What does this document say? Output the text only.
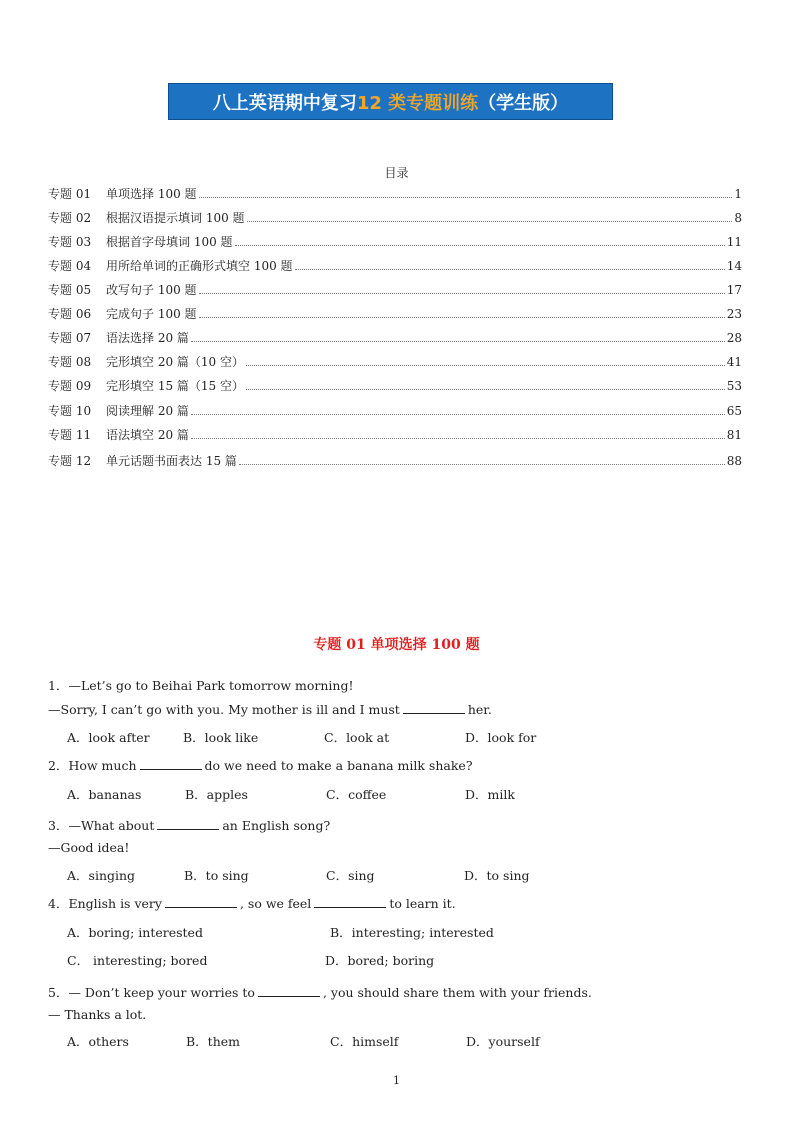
八上英语期中复习 12 类专题训练 （学生版）
目录
专题 01	单项选择 100 题	1
专题 02	根据汉语提示填词 100 题	8
专题 03	根据首字母填词 100 题	11
专题 04	用所给单词的正确形式填空 100 题	14
专题 05	改写句子 100 题	17
专题 06	完成句子 100 题	23
专题 07	语法选择 20 篇	28
专题 08	完形填空 20 篇（10 空）	41
专题 09	完形填空 15 篇（15 空）	53
专题 10	阅读理解 20 篇	65
专题 11	语法填空 20 篇	81
专题 12	单元话题书面表达 15 篇	88
专题 01 单项选择 100 题
1．—Let’s go to Beihai Park tomorrow morning!
—Sorry, I can’t go with you. My mother is ill and I must	her.
A．look after	B．look like	C．look at	D．look for
2．How much	do we need to make a banana milk shake?
A．bananas	B．apples	C．coffee	D．milk
3．—What about	an English song?
—Good idea!
A．singing	B．to sing	C．sing	D．to sing
4．English is very	, so we feel	to learn it.
A．boring; interested	B．interesting; interested
C． interesting; bored	D．bored; boring
5．— Don’t keep your worries to	, you should share them with your friends.
— Thanks a lot.
A．others	B．them	C．himself	D．yourself
1
